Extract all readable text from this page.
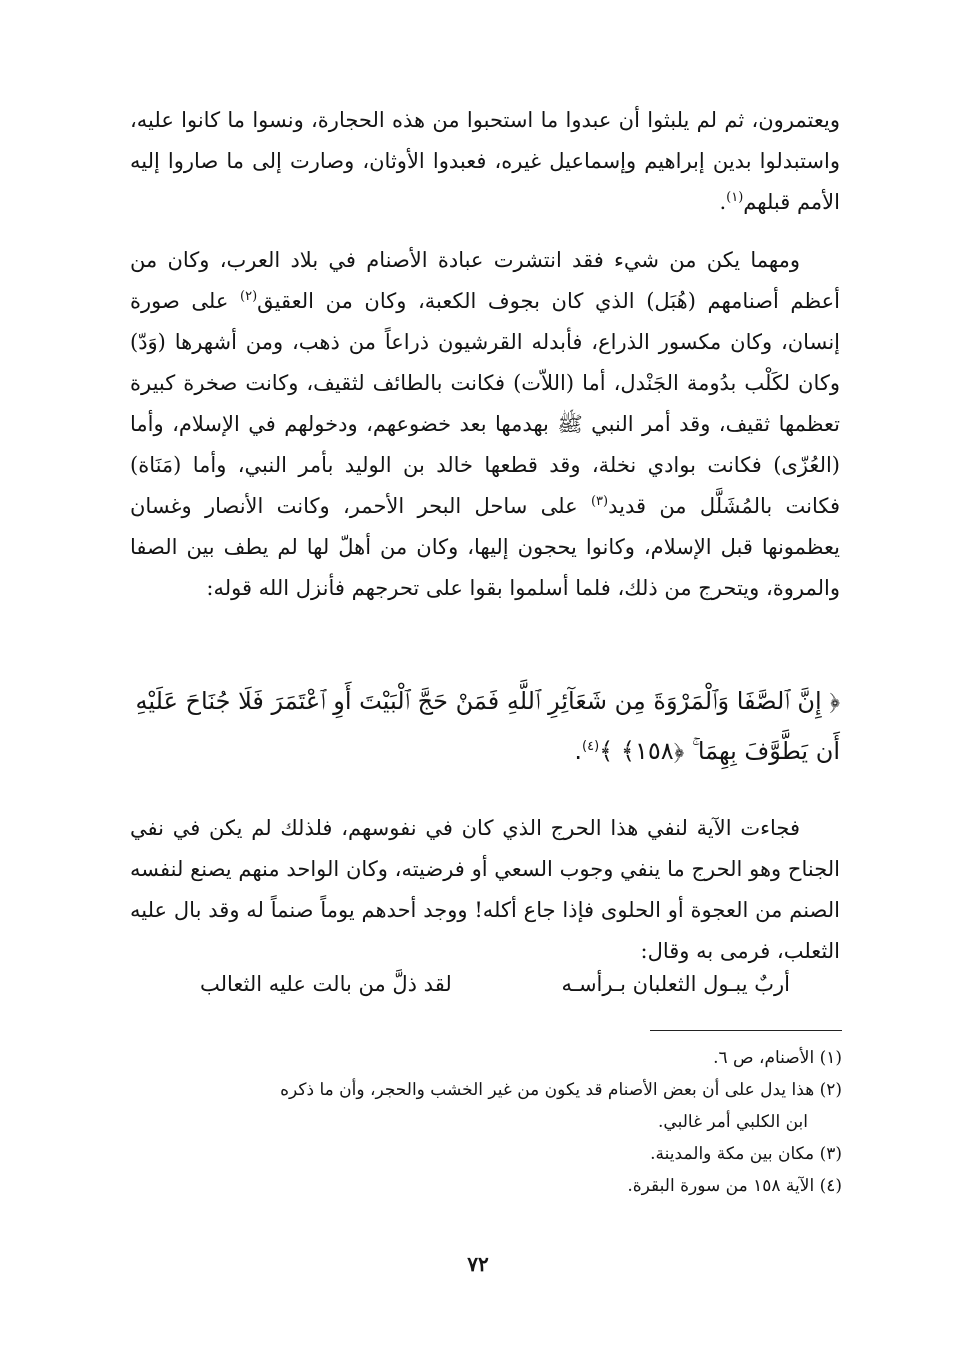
ويعتمرون، ثم لم يلبثوا أن عبدوا ما استحبوا من هذه الحجارة، ونسوا ما كانوا عليه، واستبدلوا بدين إبراهيم وإسماعيل غيره، فعبدوا الأوثان، وصارت إلى ما صاروا إليه الأمم قبلهم$^{(١)}$.

ومهما يكن من شيء فقد انتشرت عبادة الأصنام في بلاد العرب، وكان من أعظم أصنامهم (هُبَل) الذي كان بجوف الكعبة، وكان من العقيق$^{(٢)}$ على صورة إنسان، وكان مكسور الذراع، فأبدله القرشيون ذراعاً من ذهب، ومن أشهرها (وَدّ) وكان لكَلْب بدُومة الجَنْدل، أما (اللاّت) فكانت بالطائف لثقيف، وكانت صخرة كبيرة تعظمها ثقيف، وقد أمر النبي ﷺ بهدمها بعد خضوعهم، ودخولهم في الإسلام، وأما (العُزّى) فكانت بوادي نخلة، وقد قطعها خالد بن الوليد بأمر النبي، وأما (مَنَاة) فكانت بالمُشَلَّل من قديد$^{(٣)}$ على ساحل البحر الأحمر، وكانت الأنصار وغسان يعظمونها قبل الإسلام، وكانوا يحجون إليها، وكان من أهلّ لها لم يطف بين الصفا والمروة، ويتحرج من ذلك، فلما أسلموا بقوا على تحرجهم فأنزل الله قوله:

﴿ إِنَّ ٱلصَّفَا وَٱلْمَرْوَةَ مِن شَعَآئِرِ ٱللَّهِ فَمَنْ حَجَّ ٱلْبَيْتَ أَوِ ٱعْتَمَرَ فَلَا جُنَاحَ عَلَيْهِ أَن يَطَّوَّفَ بِهِمَا ۚ ﴿١٥٨﴾ ﴾$^{(٤)}$.

فجاءت الآية لنفي هذا الحرج الذي كان في نفوسهم، فلذلك لم يكن في نفي الجناح وهو الحرج ما ينفي وجوب السعي أو فرضيته، وكان الواحد منهم يصنع لنفسه الصنم من العجوة أو الحلوى فإذا جاع أكله! ووجد أحدهم يوماً صنماً له وقد بال عليه الثعلب، فرمى به وقال:

أربٌ يبـول الثعلبان بـرأسـه
لقد ذلَّ من بالت عليه الثعالب

(١) الأصنام، ص ٦.

(٢) هذا يدل على أن بعض الأصنام قد يكون من غير الخشب والحجر، وأن ما ذكره

ابن الكلبي أمر غالبي.

(٣) مكان بين مكة والمدينة.

(٤) الآية ١٥٨ من سورة البقرة.

٧٢
